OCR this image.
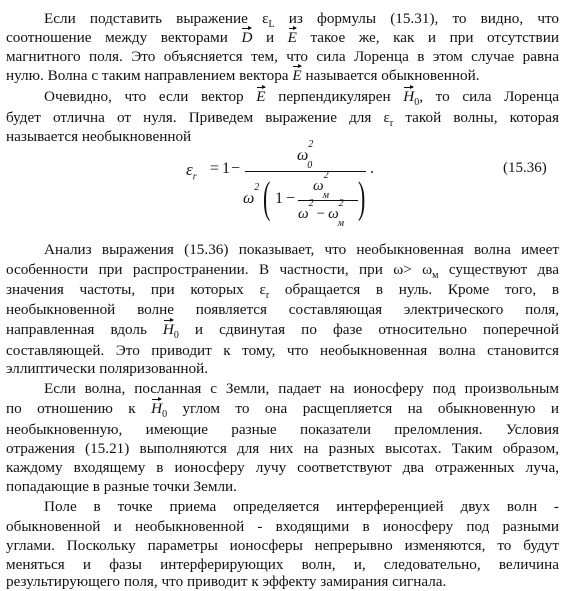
Если подставить выражение $\varepsilon_L$ из формулы (15.31), то видно, что
соотношение между векторами D и E такое же, как и при отсутствии
магнитного поля. Это объясняется тем, что сила Лоренца в этом случае равна
нулю. Волна с таким направлением вектора E называется обыкновенной.
Очевидно, что если вектор E перпендикулярен $H_0$, то сила Лоренца
будет отлична от нуля. Приведем выражение для $\varepsilon_r$ такой волны, которая
называется необыкновенной
$\varepsilon_r = 1$ −
$\omega^2_0$
$\omega^2$ ( 1 −
$\omega^2_м$
$\omega^2- \omega^2_м$
)
.	(15.36)
Анализ выражения (15.36) показывает, что необыкновенная волна имеет
особенности при распространении. В частности, при $\omega> \omega_м$ существуют два
значения частоты, при которых $\varepsilon_r$ обращается в нуль. Кроме того, в
необыкновенной волне появляется составляющая электрического поля,
направленная вдоль $H_0$ и сдвинутая по фазе относительно поперечной
составляющей. Это приводит к тому, что необыкновенная волна становится
эллиптически поляризованной.
Если волна, посланная с Земли, падает на ионосферу под произвольным
по отношению к $H_0$ углом то она расщепляется на обыкновенную и
необыкновенную, имеющие разные показатели преломления. Условия
отражения (15.21) выполняются для них на разных высотах. Таким образом,
каждому входящему в ионосферу лучу соответствуют два отраженных луча,
попадающие в разные точки Земли.
Поле в точке приема определяется интерференцией двух волн -
обыкновенной и необыкновенной - входящими в ионосферу под разными
углами. Поскольку параметры ионосферы непрерывно изменяются, то будут
меняться и фазы интерферирующих волн, и, следовательно, величина
результирующего поля, что приводит к эффекту замирания сигнала.
